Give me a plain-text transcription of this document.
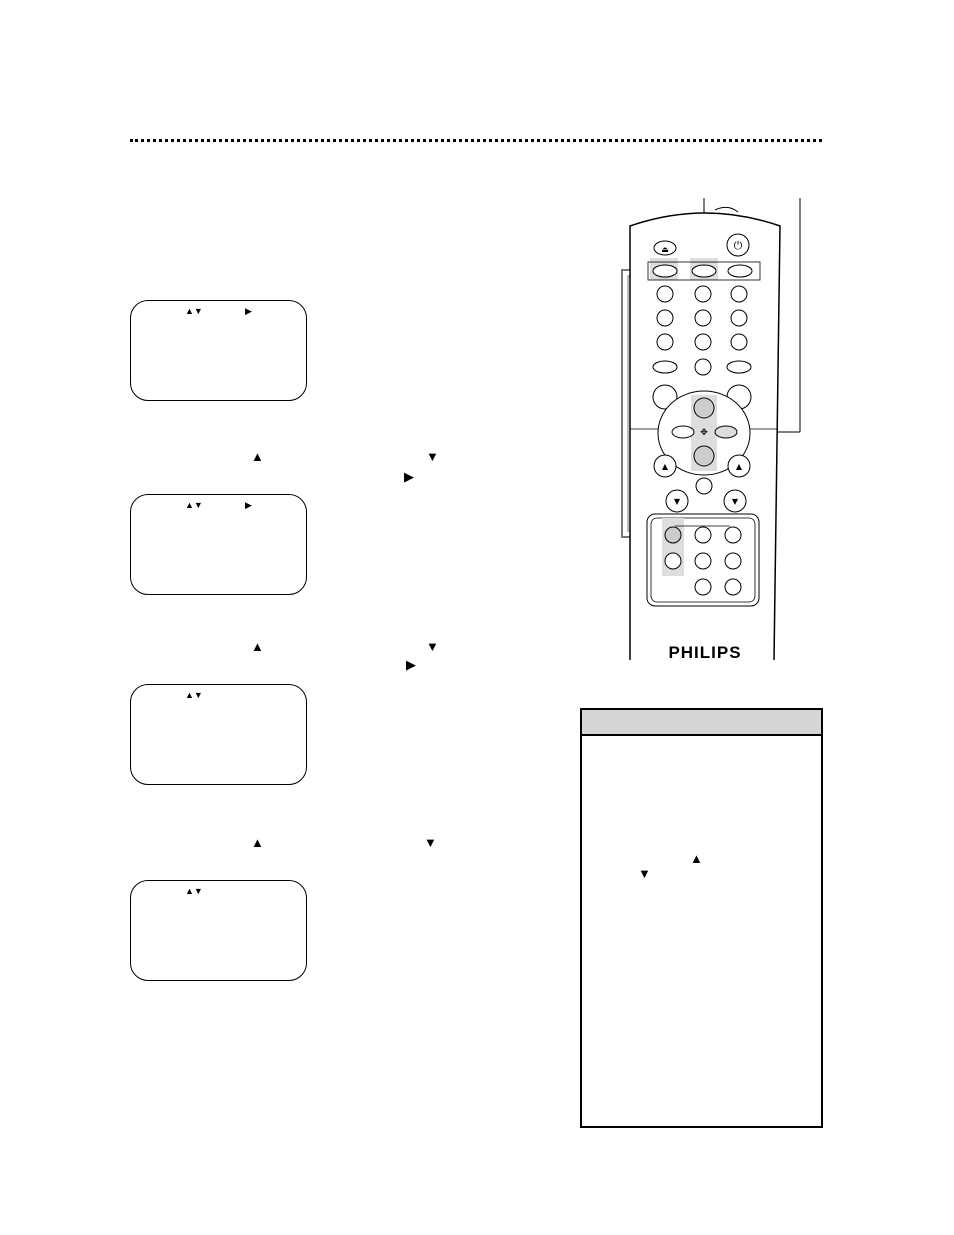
▲▼	▶
▲▼	▶
▲▼
▲▼
▲	▼
▶
▲	▼
▶
▲	▼
▲
▼
⏏	⏻
✥
▲	▲
▼	▼
PHILIPS
